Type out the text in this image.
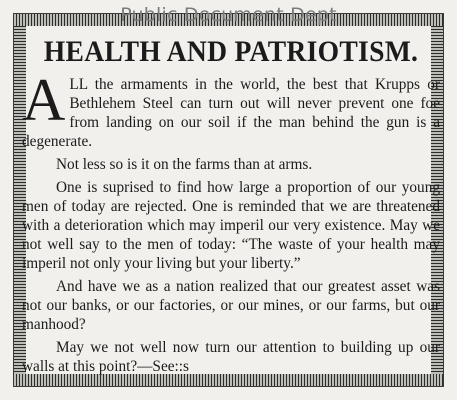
Public Document Dept
HEALTH AND PATRIOTISM.

ALL the armaments in the world, the best that Krupps or Bethlehem Steel can turn out will never prevent one foe from landing on our soil if the man behind the gun is a degenerate.

Not less so is it on the farms than at arms.

One is suprised to find how large a proportion of our young men of today are rejected. One is reminded that we are threatened with a deterioration which may imperil our very existence. May we not well say to the men of today: “The waste of your health may imperil not only your living but your liberty.”

And have we as a nation realized that our greatest asset was not our banks, or our factories, or our mines, or our farms, but our manhood?

May we not well now turn our attention to building up our walls at this point?—See::s
